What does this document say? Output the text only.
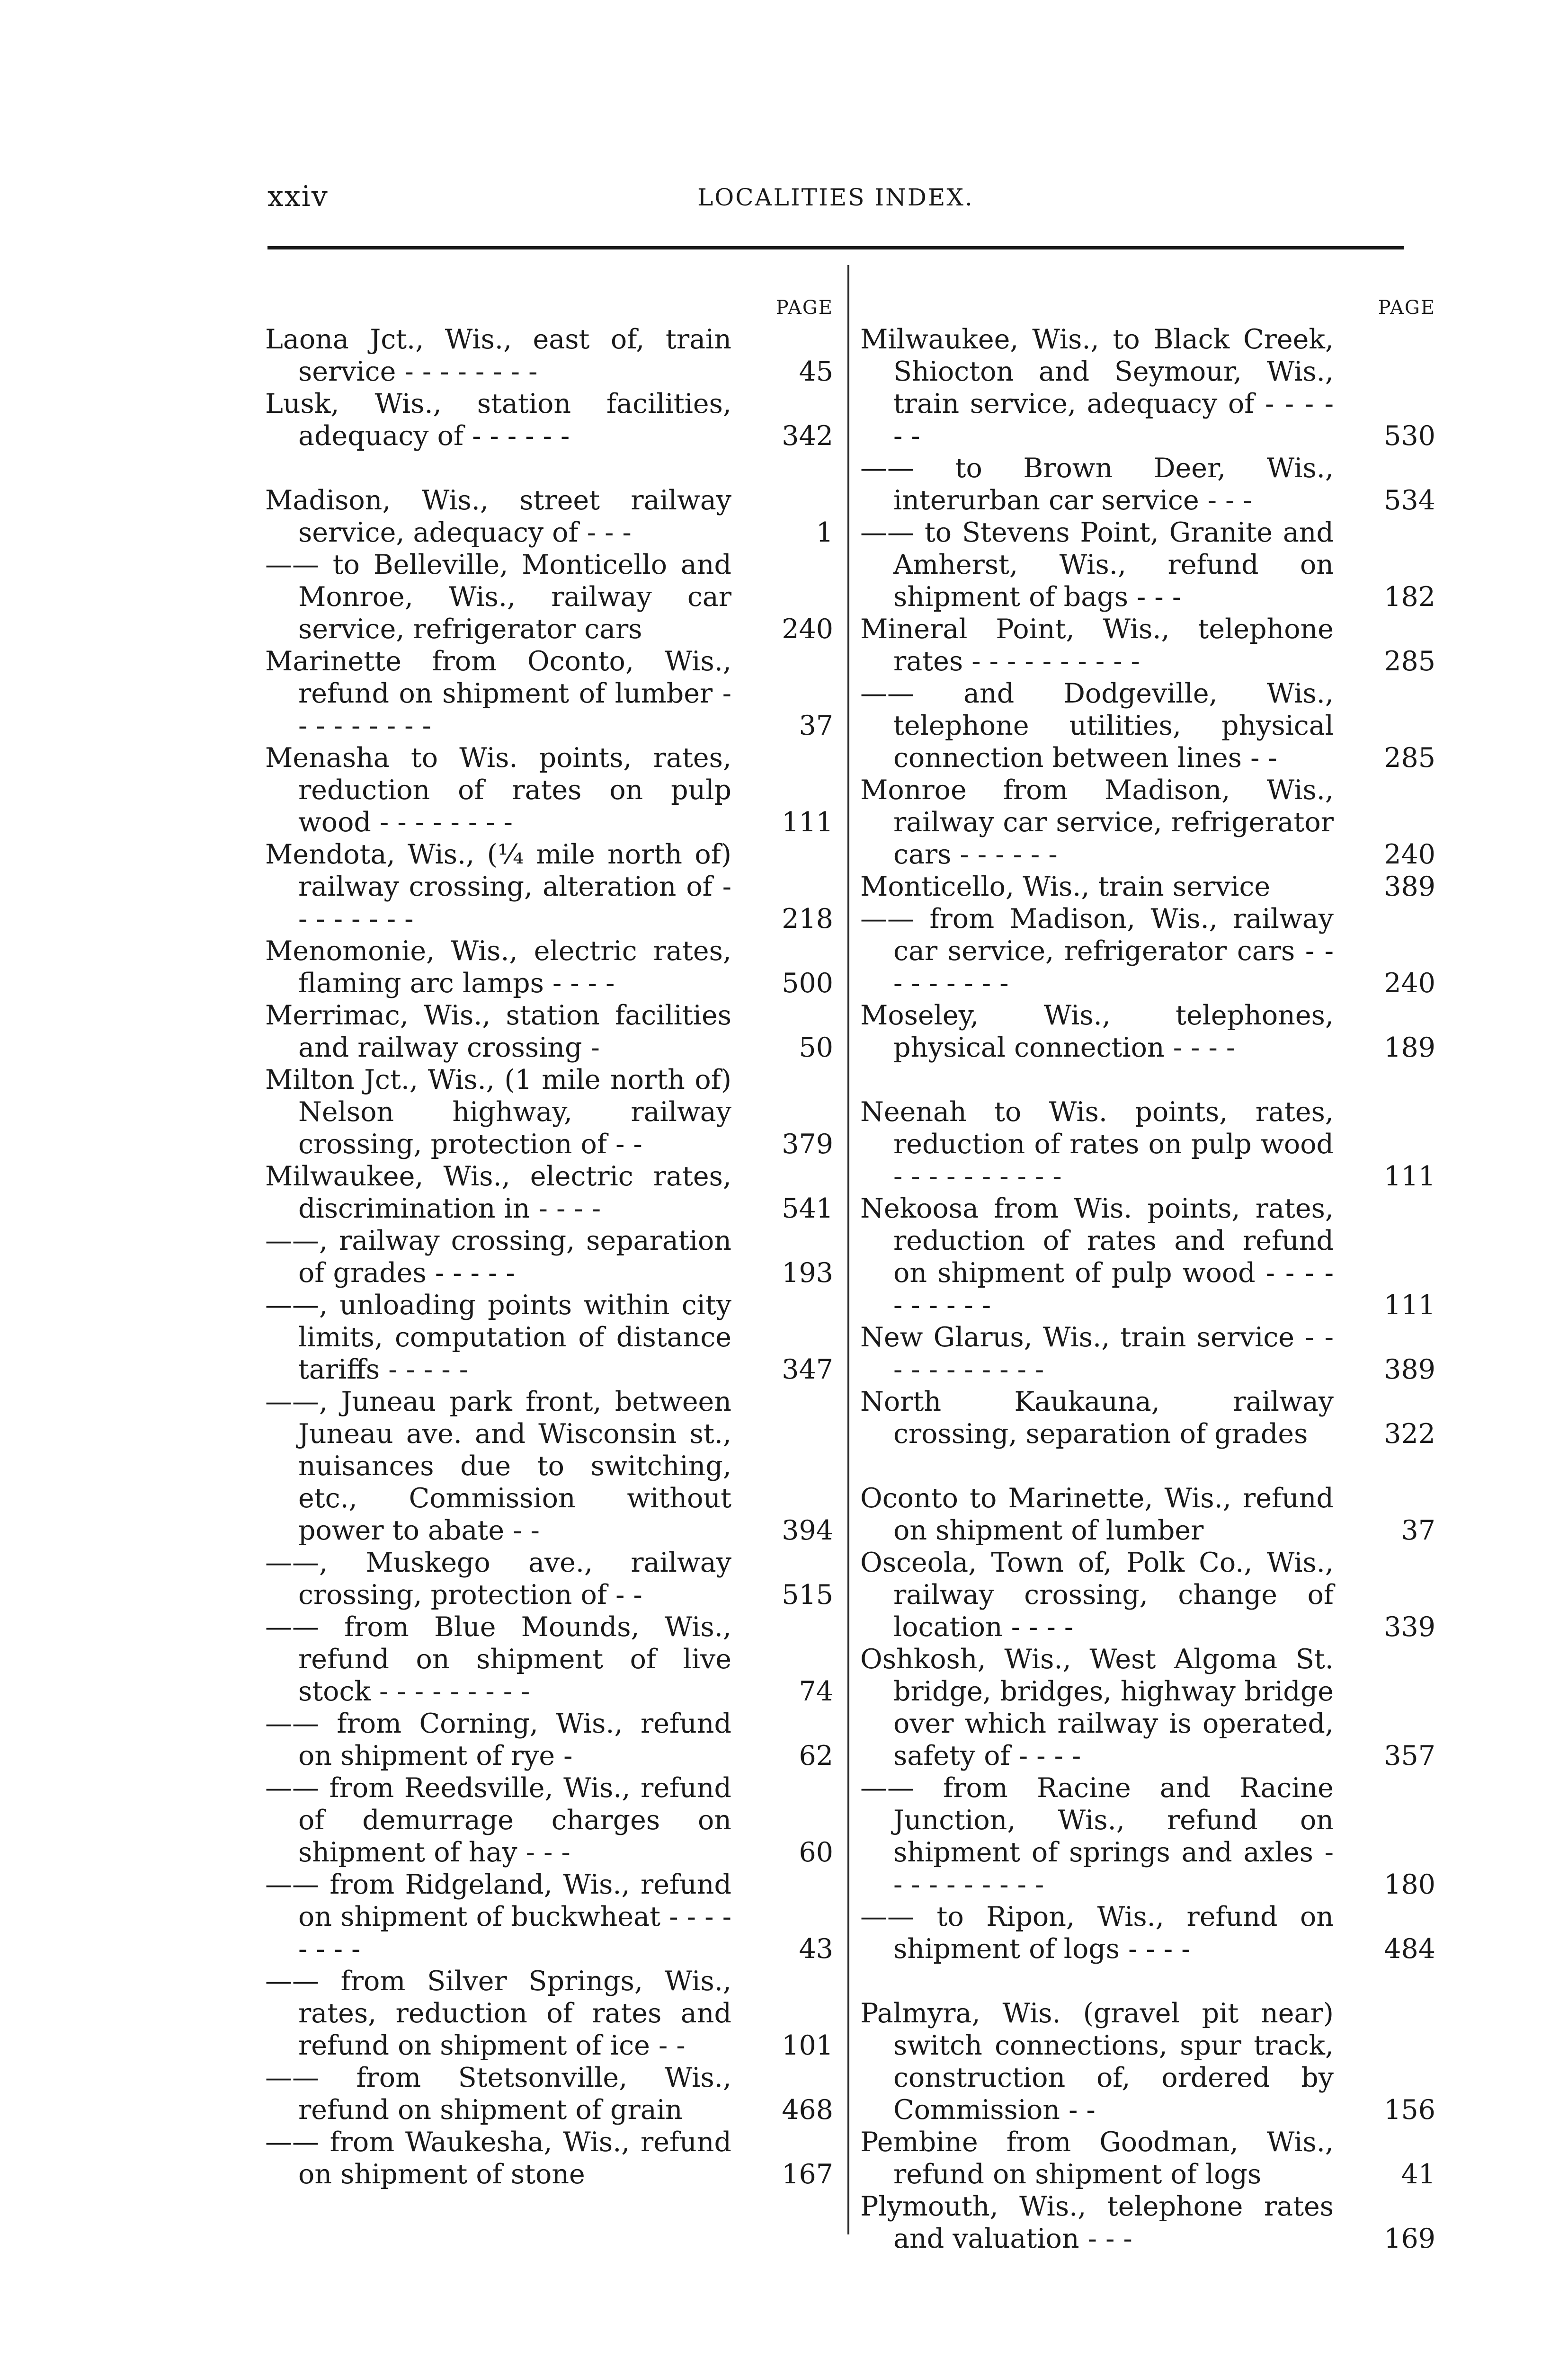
xxiv	LOCALITIES INDEX.
PAGE
Laona Jct., Wis., east of, train service - - - - - - - -	45
Lusk, Wis., station facilities, adequacy of - - - - - -	342
Madison, Wis., street railway service, adequacy of - - -	1
—— to Belleville, Monticello and Monroe, Wis., railway car service, refrigerator cars	240
Marinette from Oconto, Wis., refund on shipment of lumber - - - - - - - - -	37
Menasha to Wis. points, rates, reduction of rates on pulp wood - - - - - - - -	111
Mendota, Wis., (¼ mile north of) railway crossing, alteration of - - - - - - - -	218
Menomonie, Wis., electric rates, flaming arc lamps - - - -	500
Merrimac, Wis., station facilities and railway crossing -	50
Milton Jct., Wis., (1 mile north of) Nelson highway, railway crossing, protection of - -	379
Milwaukee, Wis., electric rates, discrimination in - - - -	541
——, railway crossing, separation of grades - - - - -	193
——, unloading points within city limits, computation of distance tariffs - - - - -	347
——, Juneau park front, between Juneau ave. and Wisconsin st., nuisances due to switching, etc., Commission without power to abate - -	394
——, Muskego ave., railway crossing, protection of - -	515
—— from Blue Mounds, Wis., refund on shipment of live stock - - - - - - - - -	74
—— from Corning, Wis., refund on shipment of rye -	62
—— from Reedsville, Wis., refund of demurrage charges on shipment of hay - - -	60
—— from Ridgeland, Wis., refund on shipment of buckwheat - - - - - - - -	43
—— from Silver Springs, Wis., rates, reduction of rates and refund on shipment of ice - -	101
—— from Stetsonville, Wis., refund on shipment of grain	468
—— from Waukesha, Wis., refund on shipment of stone	167
PAGE
Milwaukee, Wis., to Black Creek, Shiocton and Seymour, Wis., train service, adequacy of - - - - - -	530
—— to Brown Deer, Wis., interurban car service - - -	534
—— to Stevens Point, Granite and Amherst, Wis., refund on shipment of bags - - -	182
Mineral Point, Wis., telephone rates - - - - - - - - - -	285
—— and Dodgeville, Wis., telephone utilities, physical connection between lines - -	285
Monroe from Madison, Wis., railway car service, refrigerator cars - - - - - -	240
Monticello, Wis., train service	389
—— from Madison, Wis., railway car service, refrigerator cars - - - - - - - - -	240
Moseley, Wis., telephones, physical connection - - - -	189
Neenah to Wis. points, rates, reduction of rates on pulp wood - - - - - - - - - -	111
Nekoosa from Wis. points, rates, reduction of rates and refund on shipment of pulp wood - - - - - - - - - -	111
New Glarus, Wis., train service - - - - - - - - - - -	389
North Kaukauna, railway crossing, separation of grades	322
Oconto to Marinette, Wis., refund on shipment of lumber	37
Osceola, Town of, Polk Co., Wis., railway crossing, change of location - - - -	339
Oshkosh, Wis., West Algoma St. bridge, bridges, highway bridge over which railway is operated, safety of - - - -	357
—— from Racine and Racine Junction, Wis., refund on shipment of springs and axles - - - - - - - - - -	180
—— to Ripon, Wis., refund on shipment of logs - - - -	484
Palmyra, Wis. (gravel pit near) switch connections, spur track, construction of, ordered by Commission - -	156
Pembine from Goodman, Wis., refund on shipment of logs	41
Plymouth, Wis., telephone rates and valuation - - -	169
